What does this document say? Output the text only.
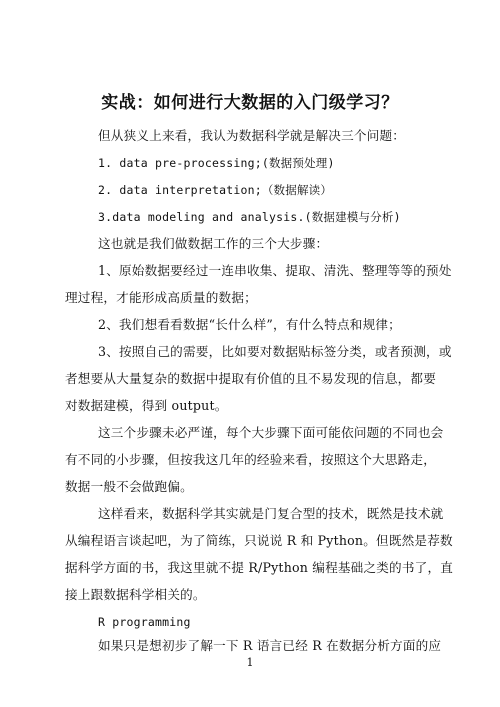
实战：如何进行大数据的入门级学习？
但从狭义上来看，我认为数据科学就是解决三个问题：
1. data pre-processing;(数据预处理)
2. data interpretation;（数据解读）
3.data modeling and analysis.(数据建模与分析)
这也就是我们做数据工作的三个大步骤：
1、原始数据要经过一连串收集、提取、清洗、整理等等的预处
理过程，才能形成高质量的数据；
2、我们想看看数据“长什么样”，有什么特点和规律；
3、按照自己的需要，比如要对数据贴标签分类，或者预测，或
者想要从大量复杂的数据中提取有价值的且不易发现的信息，都要
对数据建模，得到 output。
这三个步骤未必严谨，每个大步骤下面可能依问题的不同也会
有不同的小步骤，但按我这几年的经验来看，按照这个大思路走，
数据一般不会做跑偏。
这样看来，数据科学其实就是门复合型的技术，既然是技术就
从编程语言谈起吧，为了简练，只说说 R 和 Python。但既然是荐数
据科学方面的书，我这里就不提 R/Python 编程基础之类的书了，直
接上跟数据科学相关的。
R programming
如果只是想初步了解一下 R 语言已经 R 在数据分析方面的应
1
